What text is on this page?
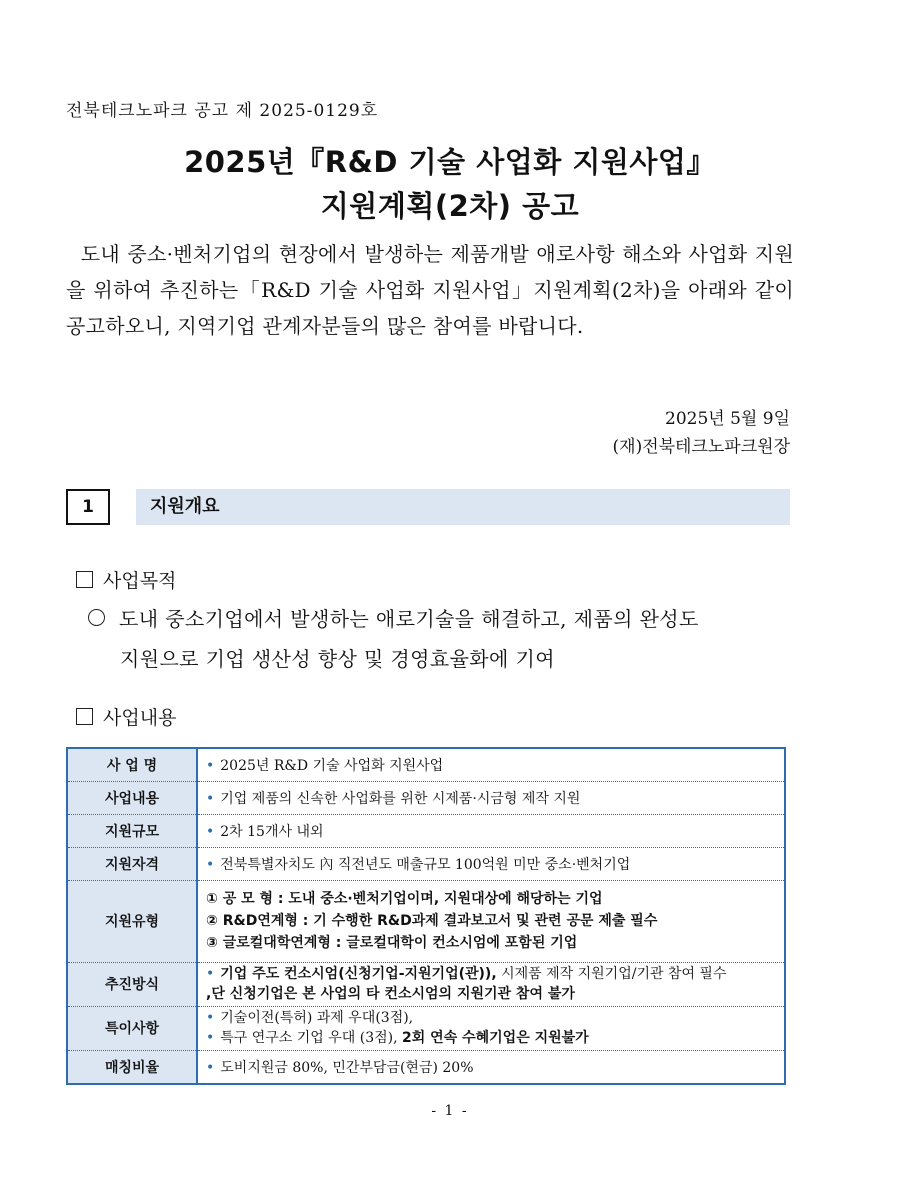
전북테크노파크 공고 제 2025-0129호
2025년『R&D 기술 사업화 지원사업』
지원계획(2차) 공고
도내 중소·벤처기업의 현장에서 발생하는 제품개발 애로사항 해소와 사업화 지원을 위하여 추진하는「R&D 기술 사업화 지원사업」지원계획(2차)을 아래와 같이 공고하오니, 지역기업 관계자분들의 많은 참여를 바랍니다.
2025년 5월 9일
(재)전북테크노파크원장
1	지원개요
사업목적
도내 중소기업에서 발생하는 애로기술을 해결하고, 제품의 완성도
지원으로 기업 생산성 향상 및 경영효율화에 기여
사업내용
사 업 명	• 2025년 R&D 기술 사업화 지원사업
사업내용	• 기업 제품의 신속한 사업화를 위한 시제품·시금형 제작 지원
지원규모	• 2차 15개사 내외
지원자격	• 전북특별자치도 內 직전년도 매출규모 100억원 미만 중소·벤처기업
지원유형	① 공 모 형 : 도내 중소·벤처기업이며, 지원대상에 해당하는 기업
② R&D연계형 : 기 수행한 R&D과제 결과보고서 및 관련 공문 제출 필수
③ 글로컬대학연계형 : 글로컬대학이 컨소시엄에 포함된 기업

추진방식	• 기업 주도 컨소시엄(신청기업-지원기업(관)), 시제품 제작 지원기업/기관 참여 필수
,단 신청기업은 본 사업의 타 컨소시엄의 지원기관 참여 불가

특이사항	• 기술이전(특허) 과제 우대(3점),
• 특구 연구소 기업 우대 (3점), 2회 연속 수혜기업은 지원불가

매칭비율	• 도비지원금 80%, 민간부담금(현금) 20%
- 1 -
